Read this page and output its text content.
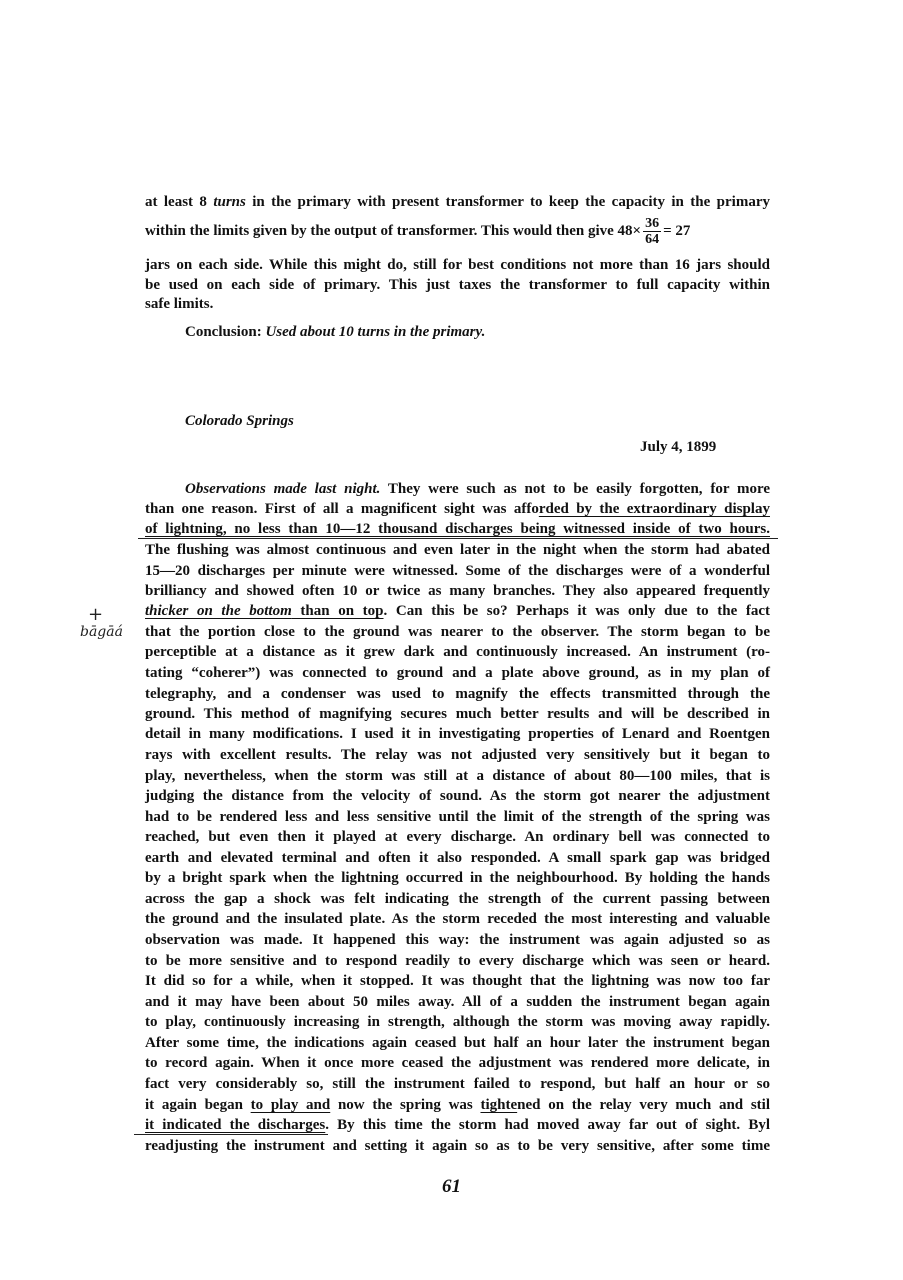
at least 8 turns in the primary with present transformer to keep the capacity in the primary
within the limits given by the output of transformer. This would then give $48\times \frac{36}{64} = 27$
jars on each side. While this might do, still for best conditions not more than 16 jars should
be used on each side of primary. This just taxes the transformer to full capacity within
safe limits.
Conclusion: Used about 10 turns in the primary.
Colorado Springs
July 4, 1899
Observations made last night. They were such as not to be easily forgotten, for more
than one reason. First of all a magnificent sight was afforded by the extraordinary display
of lightning, no less than 10—12 thousand discharges being witnessed inside of two hours.
The flushing was almost continuous and even later in the night when the storm had abated
15—20 discharges per minute were witnessed. Some of the discharges were of a wonderful
brilliancy and showed often 10 or twice as many branches. They also appeared frequently
thicker on the bottom than on top. Can this be so? Perhaps it was only due to the fact
that the portion close to the ground was nearer to the observer. The storm began to be
perceptible at a distance as it grew dark and continuously increased. An instrument (ro-
tating “coherer”) was connected to ground and a plate above ground, as in my plan of
telegraphy, and a condenser was used to magnify the effects transmitted through the
ground. This method of magnifying secures much better results and will be described in
detail in many modifications. I used it in investigating properties of Lenard and Roentgen
rays with excellent results. The relay was not adjusted very sensitively but it began to
play, nevertheless, when the storm was still at a distance of about 80—100 miles, that is
judging the distance from the velocity of sound. As the storm got nearer the adjustment
had to be rendered less and less sensitive until the limit of the strength of the spring was
reached, but even then it played at every discharge. An ordinary bell was connected to
earth and elevated terminal and often it also responded. A small spark gap was bridged
by a bright spark when the lightning occurred in the neighbourhood. By holding the hands
across the gap a shock was felt indicating the strength of the current passing between
the ground and the insulated plate. As the storm receded the most interesting and valuable
observation was made. It happened this way: the instrument was again adjusted so as
to be more sensitive and to respond readily to every discharge which was seen or heard.
It did so for a while, when it stopped. It was thought that the lightning was now too far
and it may have been about 50 miles away. All of a sudden the instrument began again
to play, continuously increasing in strength, although the storm was moving away rapidly.
After some time, the indications again ceased but half an hour later the instrument began
to record again. When it once more ceased the adjustment was rendered more delicate, in
fact very considerably so, still the instrument failed to respond, but half an hour or so
it again began to play and now the spring was tightened on the relay very much and stil
it indicated the discharges. By this time the storm had moved away far out of sight. Byl
readjusting the instrument and setting it again so as to be very sensitive, after some time
+
bāgāá
61
